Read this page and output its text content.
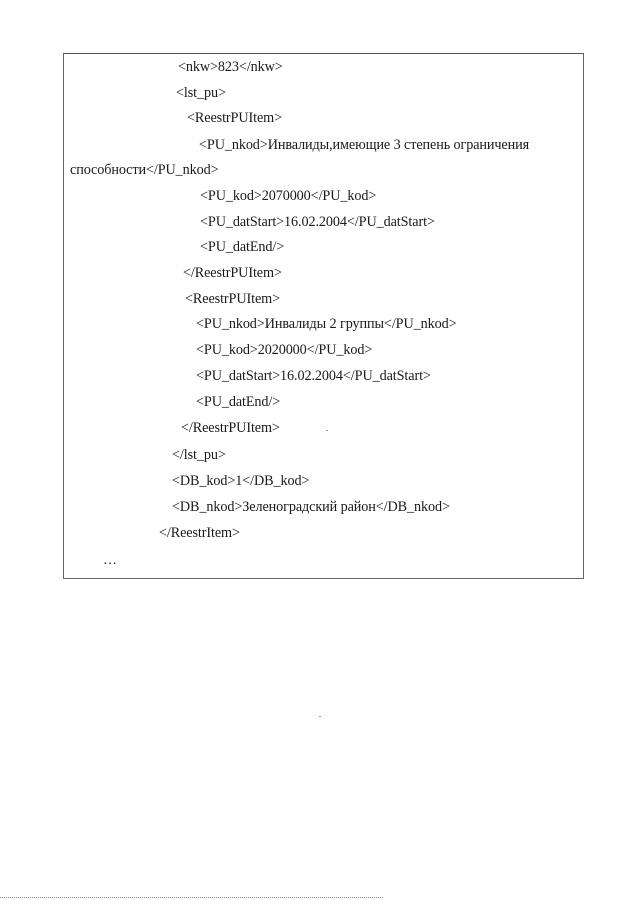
<nkw>823</nkw>
<lst_pu>
<ReestrPUItem>
<PU_nkod>Инвалиды,имеющие 3 степень ограничения
способности</PU_nkod>
<PU_kod>2070000</PU_kod>
<PU_datStart>16.02.2004</PU_datStart>
<PU_datEnd/>
</ReestrPUItem>
<ReestrPUItem>
<PU_nkod>Инвалиды 2 группы</PU_nkod>
<PU_kod>2020000</PU_kod>
<PU_datStart>16.02.2004</PU_datStart>
<PU_datEnd/>
</ReestrPUItem>
</lst_pu>
<DB_kod>1</DB_kod>
<DB_nkod>Зеленоградский район</DB_nkod>
</ReestrItem>
…
